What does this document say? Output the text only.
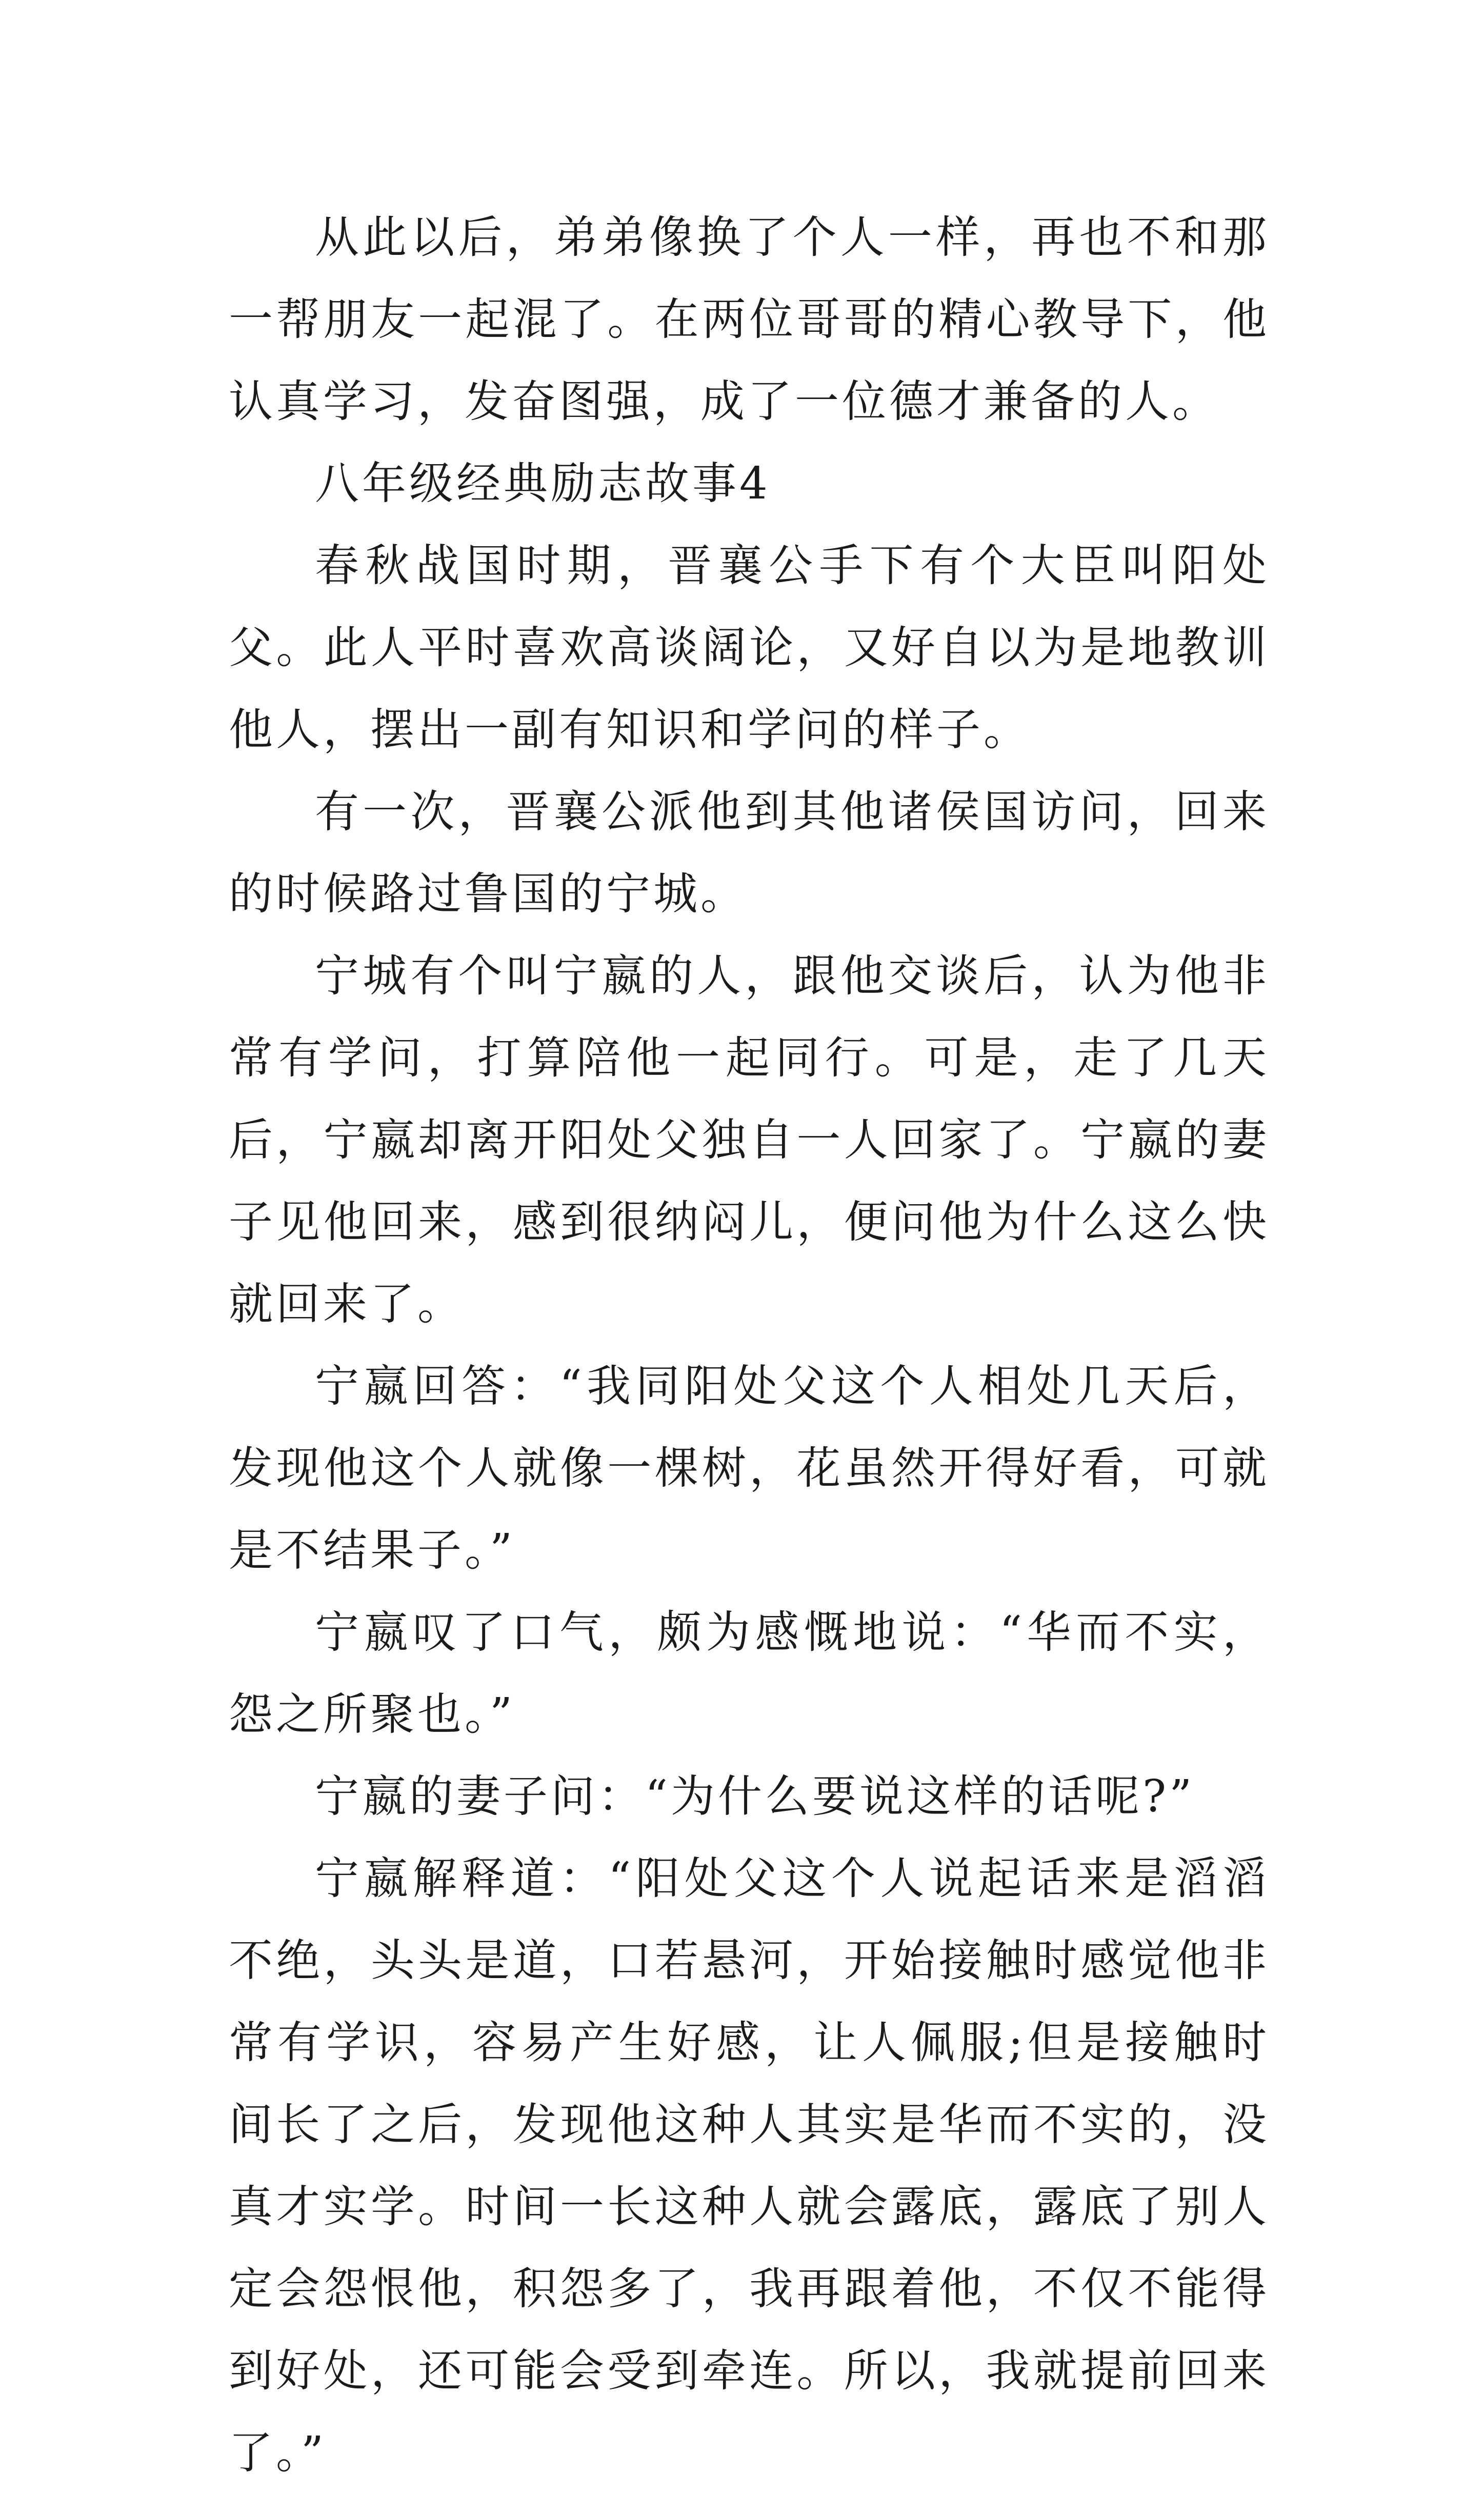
从此以后，弟弟像换了个人一样，再也不和那一帮朋友一起混了。在两位哥哥的精心教导下，他认真学习，发奋图强，成了一位德才兼备的人。

八年级经典励志故事4

春秋战国时期，晋襄公手下有个大臣叫阳处父。此人平时喜欢高谈阔论，又好自以为是地教训他人，摆出一副有知识和学问的样子。

有一次，晋襄公派他到其他诸侯国访问，回来的时候路过鲁国的宁城。

宁城有个叫宁嬴的人，跟他交谈后，认为他非常有学问，打算陪他一起同行。可是，走了几天后，宁嬴却离开阳处父独自一人回家了。宁嬴的妻子见他回来，感到很纳闷儿，便问他为什么这么快就回来了。

宁嬴回答：“我同阳处父这个人相处几天后，发现他这个人就像一棵树，花虽然开得好看，可就是不结果子。”

宁嬴叹了口气，颇为感慨地说：“华而不实，怨之所聚也。”

宁嬴的妻子问：“为什么要说这样的话呢?”

宁嬴解释道：“阳处父这个人说起话来是滔滔不绝，头头是道，口若悬河，开始接触时感觉他非常有学识，容易产生好感，让人佩服;但是接触时间长了之后，发现他这种人其实是华而不实的，没真才实学。时间一长这种人就会露底，露底了别人定会怨恨他，积怨多了，我再跟着他，不仅不能得到好处，还可能会受到牵连。所以，我就提前回来了。”
